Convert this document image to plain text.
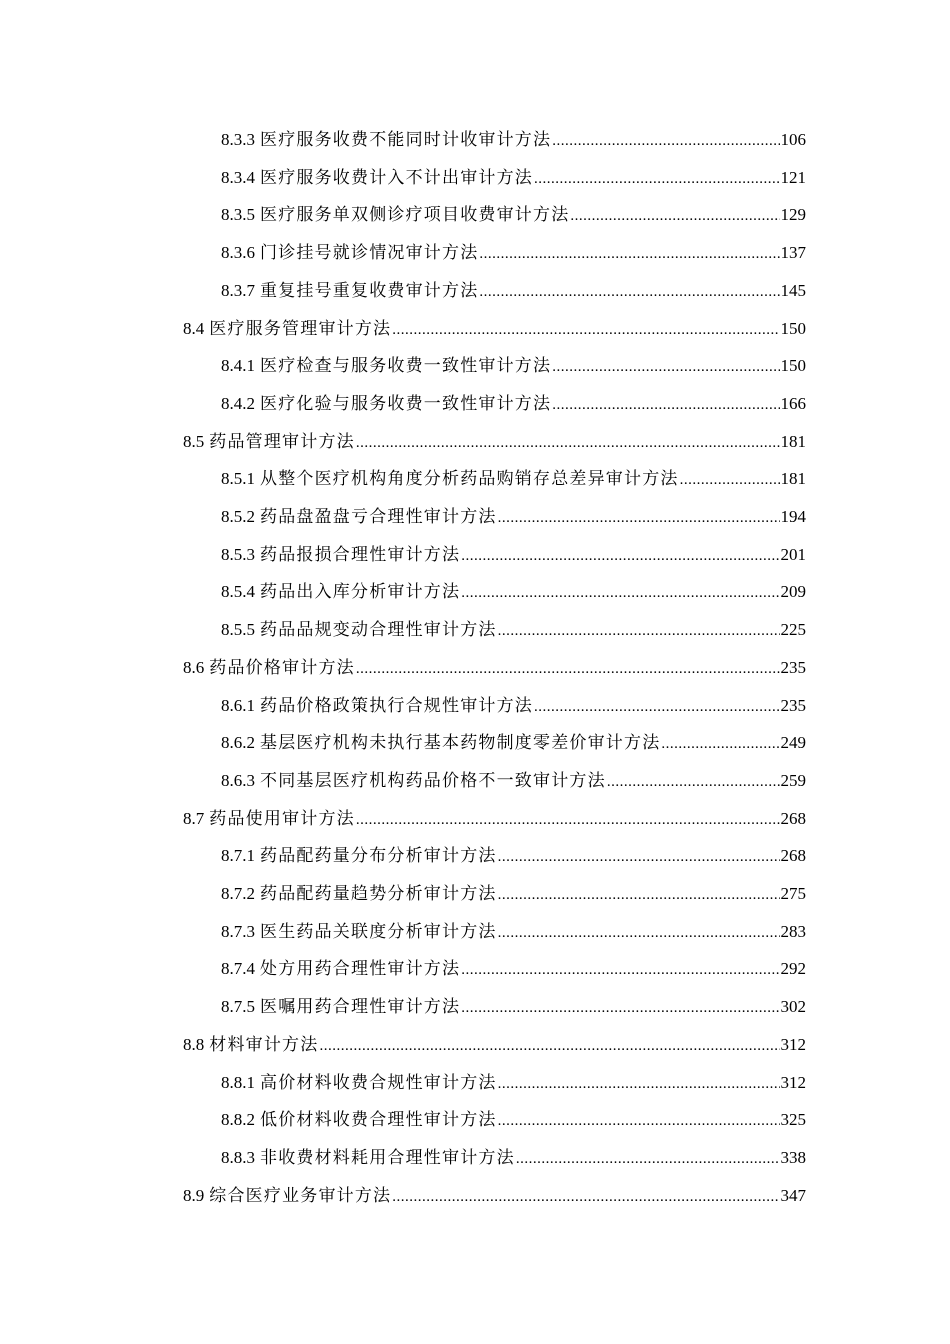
8.3.3 医疗服务收费不能同时计收审计方法 .....	106
8.3.4 医疗服务收费计入不计出审计方法 .....	121
8.3.5 医疗服务单双侧诊疗项目收费审计方法 .....	129
8.3.6 门诊挂号就诊情况审计方法 .....	137
8.3.7 重复挂号重复收费审计方法 .....	145
8.4 医疗服务管理审计方法 .....	150
8.4.1 医疗检查与服务收费一致性审计方法 .....	150
8.4.2 医疗化验与服务收费一致性审计方法 .....	166
8.5 药品管理审计方法 .....	181
8.5.1 从整个医疗机构角度分析药品购销存总差异审计方法 .....	181
8.5.2 药品盘盈盘亏合理性审计方法 .....	194
8.5.3 药品报损合理性审计方法 .....	201
8.5.4 药品出入库分析审计方法 .....	209
8.5.5 药品品规变动合理性审计方法 .....	225
8.6 药品价格审计方法 .....	235
8.6.1 药品价格政策执行合规性审计方法 .....	235
8.6.2 基层医疗机构未执行基本药物制度零差价审计方法 .....	249
8.6.3 不同基层医疗机构药品价格不一致审计方法 .....	259
8.7 药品使用审计方法 .....	268
8.7.1 药品配药量分布分析审计方法 .....	268
8.7.2 药品配药量趋势分析审计方法 .....	275
8.7.3 医生药品关联度分析审计方法 .....	283
8.7.4 处方用药合理性审计方法 .....	292
8.7.5 医嘱用药合理性审计方法 .....	302
8.8 材料审计方法 .....	312
8.8.1 高价材料收费合规性审计方法 .....	312
8.8.2 低价材料收费合理性审计方法 .....	325
8.8.3 非收费材料耗用合理性审计方法 .....	338
8.9 综合医疗业务审计方法 .....	347
